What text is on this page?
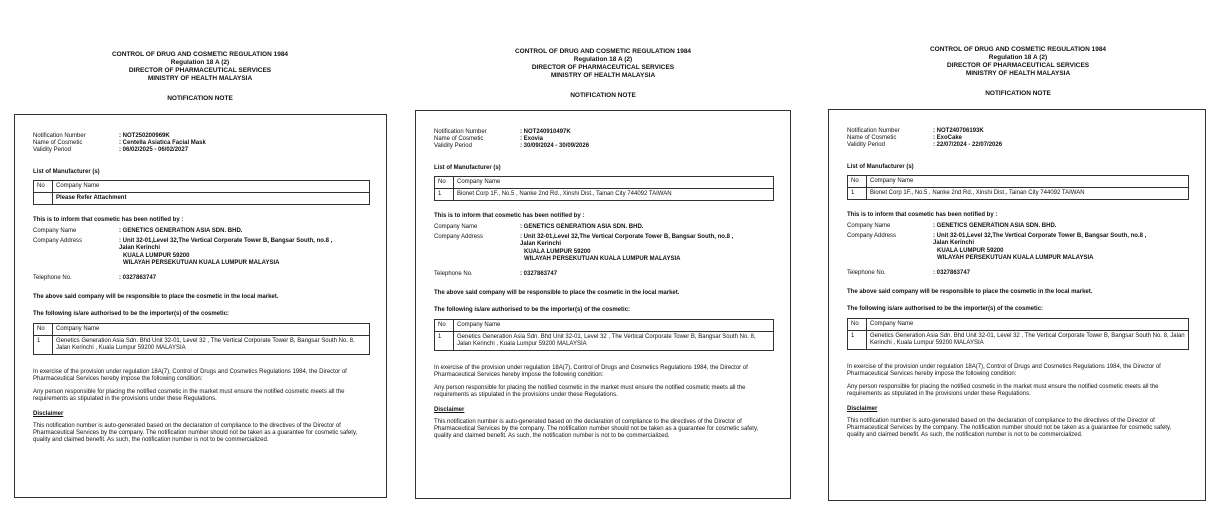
CONTROL OF DRUG AND COSMETIC REGULATION 1984
Regulation 18 A (2)
DIRECTOR OF PHARMACEUTICAL SERVICES
MINISTRY OF HEALTH MALAYSIA
NOTIFICATION NOTE
Notification Number	: NOT250200969K
Name of Cosmetic	: Centella Asiatica Facial Mask
Validity Period	: 06/02/2025 - 06/02/2027
List of Manufacturer (s)
No	Company Name
	Please Refer Attachment
This is to inform that cosmetic has been notified by :
Company Name	: GENETICS GENERATION ASIA SDN. BHD.
Company Address	: Unit 32-01,Level 32,The Vertical Corporate Tower B, Bangsar South, no.8 ,
Jalan Kerinchi
KUALA LUMPUR 59200
WILAYAH PERSEKUTUAN KUALA LUMPUR MALAYSIA
Telephone No.	: 0327863747
The above said company will be responsible to place the cosmetic in the local market.
The following is/are authorised to be the importer(s) of the cosmetic:
No	Company Name
1	Genetics Generation Asia Sdn. Bhd Unit 32-01, Level 32 , The Vertical Corporate Tower B, Bangsar South No. 8, Jalan Kerinchi , Kuala Lumpur 59200 MALAYSIA
In exercise of the provision under regulation 18A(7), Control of Drugs and Cosmetics Regulations 1984, the Director of Pharmaceutical Services hereby impose the following condition:
Any person responsible for placing the notified cosmetic in the market must ensure the notified cosmetic meets all the requirements as stipulated in the provisions under these Regulations.
Disclaimer
This notification number is auto-generated based on the declaration of compliance to the directives of the Director of Pharmaceutical Services by the company. The notification number should not be taken as a guarantee for cosmetic safety, quality and claimed benefit. As such, the notification number is not to be commercialized.
CONTROL OF DRUG AND COSMETIC REGULATION 1984
Regulation 18 A (2)
DIRECTOR OF PHARMACEUTICAL SERVICES
MINISTRY OF HEALTH MALAYSIA
NOTIFICATION NOTE
Notification Number	: NOT240910497K
Name of Cosmetic	: Exovia
Validity Period	: 30/09/2024 - 30/09/2026
List of Manufacturer (s)
No	Company Name
1	Bionet Corp 1F., No.5 , Nanke 2nd Rd., Xinshi Dist., Tainan City 744092 TAIWAN
This is to inform that cosmetic has been notified by :
Company Name	: GENETICS GENERATION ASIA SDN. BHD.
Company Address	: Unit 32-01,Level 32,The Vertical Corporate Tower B, Bangsar South, no.8 ,
Jalan Kerinchi
KUALA LUMPUR 59200
WILAYAH PERSEKUTUAN KUALA LUMPUR MALAYSIA
Telephone No.	: 0327863747
The above said company will be responsible to place the cosmetic in the local market.
The following is/are authorised to be the importer(s) of the cosmetic:
No	Company Name
1	Genetics Generation Asia Sdn. Bhd Unit 32-01, Level 32 , The Vertical Corporate Tower B, Bangsar South No. 8, Jalan Kerinchi , Kuala Lumpur 59200 MALAYSIA
In exercise of the provision under regulation 18A(7), Control of Drugs and Cosmetics Regulations 1984, the Director of Pharmaceutical Services hereby impose the following condition:
Any person responsible for placing the notified cosmetic in the market must ensure the notified cosmetic meets all the requirements as stipulated in the provisions under these Regulations.
Disclaimer
This notification number is auto-generated based on the declaration of compliance to the directives of the Director of Pharmaceutical Services by the company. The notification number should not be taken as a guarantee for cosmetic safety, quality and claimed benefit. As such, the notification number is not to be commercialized.
CONTROL OF DRUG AND COSMETIC REGULATION 1984
Regulation 18 A (2)
DIRECTOR OF PHARMACEUTICAL SERVICES
MINISTRY OF HEALTH MALAYSIA
NOTIFICATION NOTE
Notification Number	: NOT240706193K
Name of Cosmetic	: ExoCake
Validity Period	: 22/07/2024 - 22/07/2026
List of Manufacturer (s)
No	Company Name
1	Bionet Corp 1F., No.5 , Nanke 2nd Rd., Xinshi Dist., Tainan City 744092 TAIWAN
This is to inform that cosmetic has been notified by :
Company Name	: GENETICS GENERATION ASIA SDN. BHD.
Company Address	: Unit 32-01,Level 32,The Vertical Corporate Tower B, Bangsar South, no.8 ,
Jalan Kerinchi
KUALA LUMPUR 59200
WILAYAH PERSEKUTUAN KUALA LUMPUR MALAYSIA
Telephone No.	: 0327863747
The above said company will be responsible to place the cosmetic in the local market.
The following is/are authorised to be the importer(s) of the cosmetic:
No	Company Name
1	Genetics Generation Asia Sdn. Bhd Unit 32-01, Level 32 , The Vertical Corporate Tower B, Bangsar South No. 8, Jalan Kerinchi , Kuala Lumpur 59200 MALAYSIA
In exercise of the provision under regulation 18A(7), Control of Drugs and Cosmetics Regulations 1984, the Director of Pharmaceutical Services hereby impose the following condition:
Any person responsible for placing the notified cosmetic in the market must ensure the notified cosmetic meets all the requirements as stipulated in the provisions under these Regulations.
Disclaimer
This notification number is auto-generated based on the declaration of compliance to the directives of the Director of Pharmaceutical Services by the company. The notification number should not be taken as a guarantee for cosmetic safety, quality and claimed benefit. As such, the notification number is not to be commercialized.
